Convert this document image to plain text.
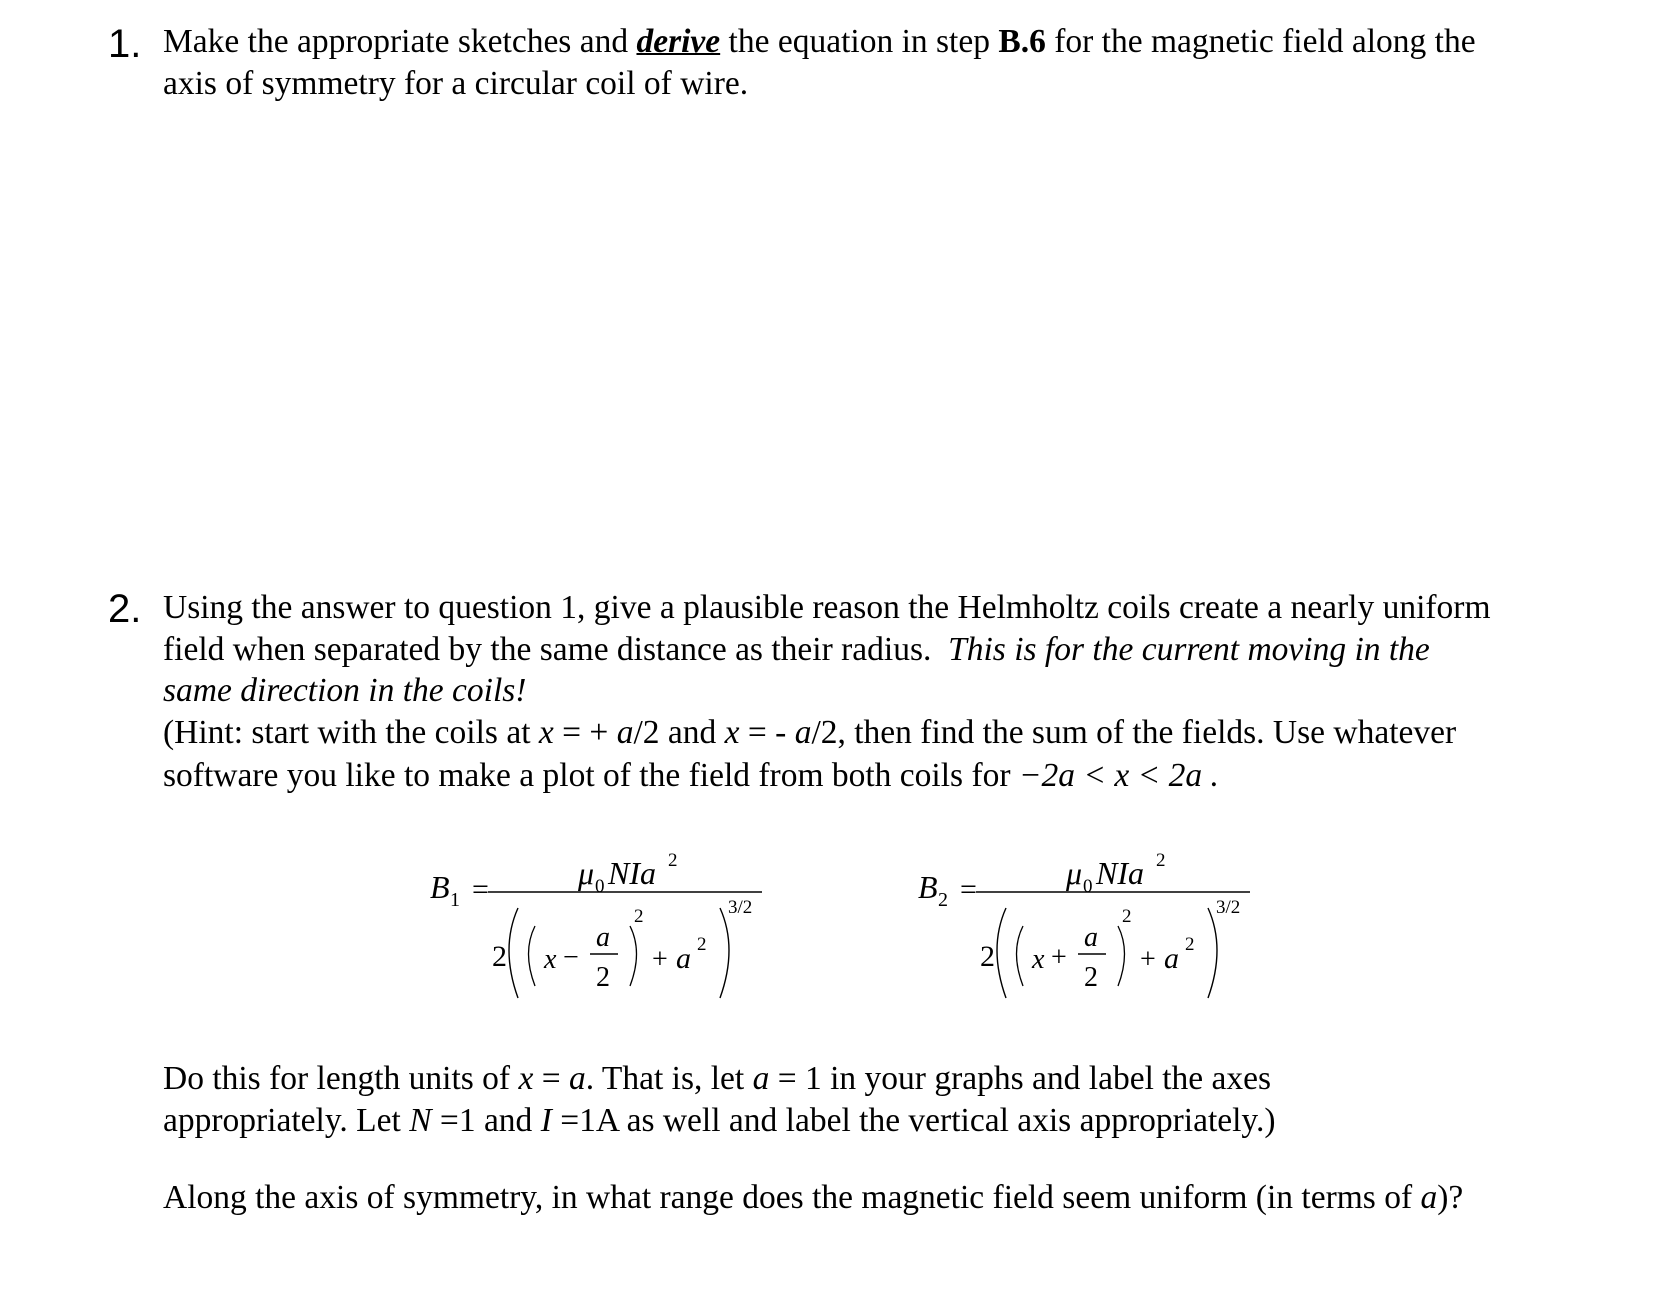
1. Make the appropriate sketches and derive the equation in step B.6 for the magnetic field along the
axis of symmetry for a circular coil of wire.
2. Using the answer to question 1, give a plausible reason the Helmholtz coils create a nearly uniform
field when separated by the same distance as their radius. This is for the current moving in the
same direction in the coils!
(Hint: start with the coils at x = + a/2 and x = - a/2, then find the sum of the fields. Use whatever
software you like to make a plot of the field from both coils for −2a < x < 2a .
B 1 =	μ 0 NIa 2
2 x −
a
2
2
+ a 2
3/2
B 2 =	μ 0 NIa 2
2 x +
a
2
2
+ a 2
3/2
Do this for length units of x = a. That is, let a = 1 in your graphs and label the axes
appropriately. Let N =1 and I =1A as well and label the vertical axis appropriately.)
Along the axis of symmetry, in what range does the magnetic field seem uniform (in terms of a)?
